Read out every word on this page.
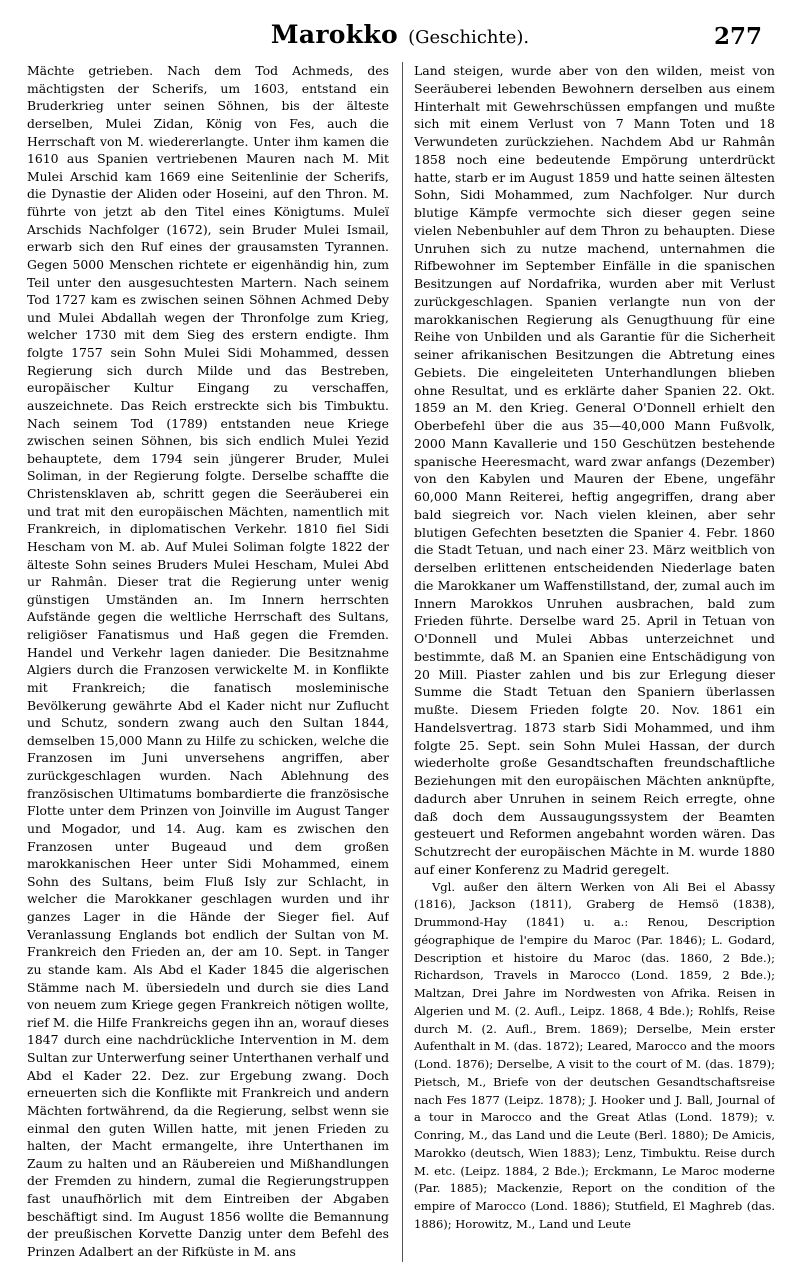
Marokko (Geschichte).	277

Mächte getrieben. Nach dem Tod Achmeds, des mächtigsten der Scherifs, um 1603, entstand ein Bruderkrieg unter seinen Söhnen, bis der älteste derselben, Mulei Zidan, König von Fes, auch die Herrschaft von M. wiedererlangte. Unter ihm kamen die 1610 aus Spanien vertriebenen Mauren nach M. Mit Mulei Arschid kam 1669 eine Seitenlinie der Scherifs, die Dynastie der Aliden oder Hoseini, auf den Thron. M. führte von jetzt ab den Titel eines Königtums. Muleï Arschids Nachfolger (1672), sein Bruder Mulei Ismail, erwarb sich den Ruf eines der grausamsten Tyrannen. Gegen 5000 Menschen richtete er eigenhändig hin, zum Teil unter den ausgesuchtesten Martern. Nach seinem Tod 1727 kam es zwischen seinen Söhnen Achmed Deby und Mulei Abdallah wegen der Thronfolge zum Krieg, welcher 1730 mit dem Sieg des erstern endigte. Ihm folgte 1757 sein Sohn Mulei Sidi Mohammed, dessen Regierung sich durch Milde und das Bestreben, europäischer Kultur Eingang zu verschaffen, auszeichnete. Das Reich erstreckte sich bis Timbuktu. Nach seinem Tod (1789) entstanden neue Kriege zwischen seinen Söhnen, bis sich endlich Mulei Yezid behauptete, dem 1794 sein jüngerer Bruder, Mulei Soliman, in der Regierung folgte. Derselbe schaffte die Christensklaven ab, schritt gegen die Seeräuberei ein und trat mit den europäischen Mächten, namentlich mit Frankreich, in diplomatischen Verkehr. 1810 fiel Sidi Hescham von M. ab. Auf Mulei Soliman folgte 1822 der älteste Sohn seines Bruders Mulei Hescham, Mulei Abd ur Rahmân. Dieser trat die Regierung unter wenig günstigen Umständen an. Im Innern herrschten Aufstände gegen die weltliche Herrschaft des Sultans, religiöser Fanatismus und Haß gegen die Fremden. Handel und Verkehr lagen danieder. Die Besitznahme Algiers durch die Franzosen verwickelte M. in Konflikte mit Frankreich; die fanatisch mosleminische Bevölkerung gewährte Abd el Kader nicht nur Zuflucht und Schutz, sondern zwang auch den Sultan 1844, demselben 15,000 Mann zu Hilfe zu schicken, welche die Franzosen im Juni unversehens angriffen, aber zurückgeschlagen wurden. Nach Ablehnung des französischen Ultimatums bombardierte die französische Flotte unter dem Prinzen von Joinville im August Tanger und Mogador, und 14. Aug. kam es zwischen den Franzosen unter Bugeaud und dem großen marokkanischen Heer unter Sidi Mohammed, einem Sohn des Sultans, beim Fluß Isly zur Schlacht, in welcher die Marokkaner geschlagen wurden und ihr ganzes Lager in die Hände der Sieger fiel. Auf Veranlassung Englands bot endlich der Sultan von M. Frankreich den Frieden an, der am 10. Sept. in Tanger zu stande kam. Als Abd el Kader 1845 die algerischen Stämme nach M. übersiedeln und durch sie dies Land von neuem zum Kriege gegen Frankreich nötigen wollte, rief M. die Hilfe Frankreichs gegen ihn an, worauf dieses 1847 durch eine nachdrückliche Intervention in M. dem Sultan zur Unterwerfung seiner Unterthanen verhalf und Abd el Kader 22. Dez. zur Ergebung zwang. Doch erneuerten sich die Konflikte mit Frankreich und andern Mächten fortwährend, da die Regierung, selbst wenn sie einmal den guten Willen hatte, mit jenen Frieden zu halten, der Macht ermangelte, ihre Unterthanen im Zaum zu halten und an Räubereien und Mißhandlungen der Fremden zu hindern, zumal die Regierungstruppen fast unaufhörlich mit dem Eintreiben der Abgaben beschäftigt sind. Im August 1856 wollte die Bemannung der preußischen Korvette Danzig unter dem Befehl des Prinzen Adalbert an der Rifküste in M. ans

Land steigen, wurde aber von den wilden, meist von Seeräuberei lebenden Bewohnern derselben aus einem Hinterhalt mit Gewehrschüssen empfangen und mußte sich mit einem Verlust von 7 Mann Toten und 18 Verwundeten zurückziehen. Nachdem Abd ur Rahmân 1858 noch eine bedeutende Empörung unterdrückt hatte, starb er im August 1859 und hatte seinen ältesten Sohn, Sidi Mohammed, zum Nachfolger. Nur durch blutige Kämpfe vermochte sich dieser gegen seine vielen Nebenbuhler auf dem Thron zu behaupten. Diese Unruhen sich zu nutze machend, unternahmen die Rifbewohner im September Einfälle in die spanischen Besitzungen auf Nordafrika, wurden aber mit Verlust zurückgeschlagen. Spanien verlangte nun von der marokkanischen Regierung als Genugthuung für eine Reihe von Unbilden und als Garantie für die Sicherheit seiner afrikanischen Besitzungen die Abtretung eines Gebiets. Die eingeleiteten Unterhandlungen blieben ohne Resultat, und es erklärte daher Spanien 22. Okt. 1859 an M. den Krieg. General O'Donnell erhielt den Oberbefehl über die aus 35—40,000 Mann Fußvolk, 2000 Mann Kavallerie und 150 Geschützen bestehende spanische Heeresmacht, ward zwar anfangs (Dezember) von den Kabylen und Mauren der Ebene, ungefähr 60,000 Mann Reiterei, heftig angegriffen, drang aber bald siegreich vor. Nach vielen kleinen, aber sehr blutigen Gefechten besetzten die Spanier 4. Febr. 1860 die Stadt Tetuan, und nach einer 23. März weitblich von derselben erlittenen entscheidenden Niederlage baten die Marokkaner um Waffenstillstand, der, zumal auch im Innern Marokkos Unruhen ausbrachen, bald zum Frieden führte. Derselbe ward 25. April in Tetuan von O'Donnell und Mulei Abbas unterzeichnet und bestimmte, daß M. an Spanien eine Entschädigung von 20 Mill. Piaster zahlen und bis zur Erlegung dieser Summe die Stadt Tetuan den Spaniern überlassen mußte. Diesem Frieden folgte 20. Nov. 1861 ein Handelsvertrag. 1873 starb Sidi Mohammed, und ihm folgte 25. Sept. sein Sohn Mulei Hassan, der durch wiederholte große Gesandtschaften freundschaftliche Beziehungen mit den europäischen Mächten anknüpfte, dadurch aber Unruhen in seinem Reich erregte, ohne daß doch dem Aussaugungssystem der Beamten gesteuert und Reformen angebahnt worden wären. Das Schutzrecht der europäischen Mächte in M. wurde 1880 auf einer Konferenz zu Madrid geregelt.

Vgl. außer den ältern Werken von Ali Bei el Abassy (1816), Jackson (1811), Graberg de Hemsö (1838), Drummond-Hay (1841) u. a.: Renou, Description géographique de l'empire du Maroc (Par. 1846); L. Godard, Description et histoire du Maroc (das. 1860, 2 Bde.); Richardson, Travels in Marocco (Lond. 1859, 2 Bde.); Maltzan, Drei Jahre im Nordwesten von Afrika. Reisen in Algerien und M. (2. Aufl., Leipz. 1868, 4 Bde.); Rohlfs, Reise durch M. (2. Aufl., Brem. 1869); Derselbe, Mein erster Aufenthalt in M. (das. 1872); Leared, Marocco and the moors (Lond. 1876); Derselbe, A visit to the court of M. (das. 1879); Pietsch, M., Briefe von der deutschen Gesandtschaftsreise nach Fes 1877 (Leipz. 1878); J. Hooker und J. Ball, Journal of a tour in Marocco and the Great Atlas (Lond. 1879); v. Conring, M., das Land und die Leute (Berl. 1880); De Amicis, Marokko (deutsch, Wien 1883); Lenz, Timbuktu. Reise durch M. etc. (Leipz. 1884, 2 Bde.); Erckmann, Le Maroc moderne (Par. 1885); Mackenzie, Report on the condition of the empire of Marocco (Lond. 1886); Stutfield, El Maghreb (das. 1886); Horowitz, M., Land und Leute
